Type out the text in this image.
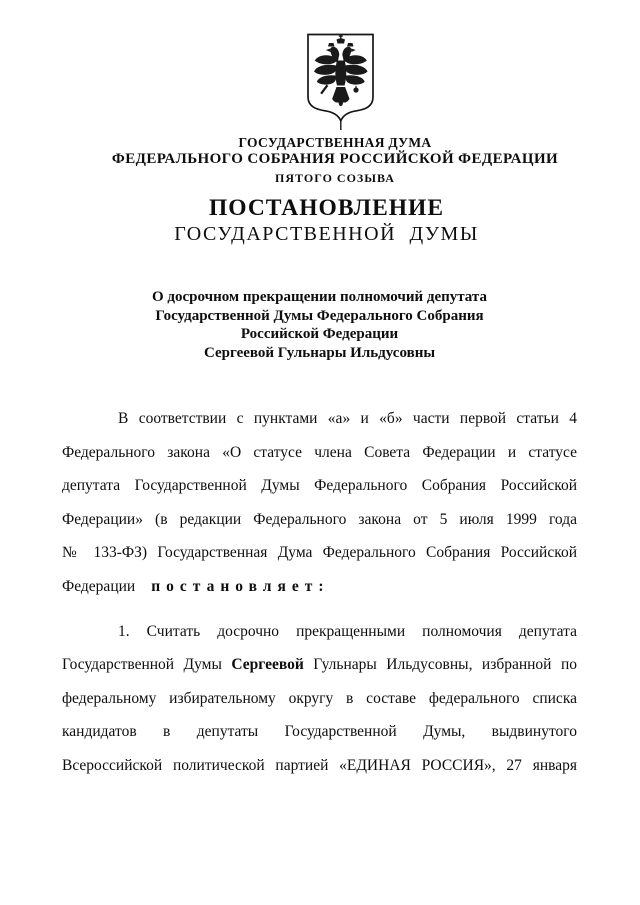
ГОСУДАРСТВЕННАЯ ДУМА
ФЕДЕРАЛЬНОГО СОБРАНИЯ РОССИЙСКОЙ ФЕДЕРАЦИИ
ПЯТОГО СОЗЫВА
ПОСТАНОВЛЕНИЕ
ГОСУДАРСТВЕННОЙ ДУМЫ
О досрочном прекращении полномочий депутата
Государственной Думы Федерального Собрания
Российской Федерации
Сергеевой Гульнары Ильдусовны
В соответствии с пунктами «а» и «б» части первой статьи 4
Федерального закона «О статусе члена Совета Федерации и статусе
депутата Государственной Думы Федерального Собрания Российской
Федерации» (в редакции Федерального закона от 5 июля 1999 года
№ 133-ФЗ) Государственная Дума Федерального Собрания Российской
Федерации постановляет:
1. Считать досрочно прекращенными полномочия депутата
Государственной Думы Сергеевой Гульнары Ильдусовны, избранной по
федеральному избирательному округу в составе федерального списка
кандидатов в депутаты Государственной Думы, выдвинутого
Всероссийской политической партией «ЕДИНАЯ РОССИЯ», 27 января
